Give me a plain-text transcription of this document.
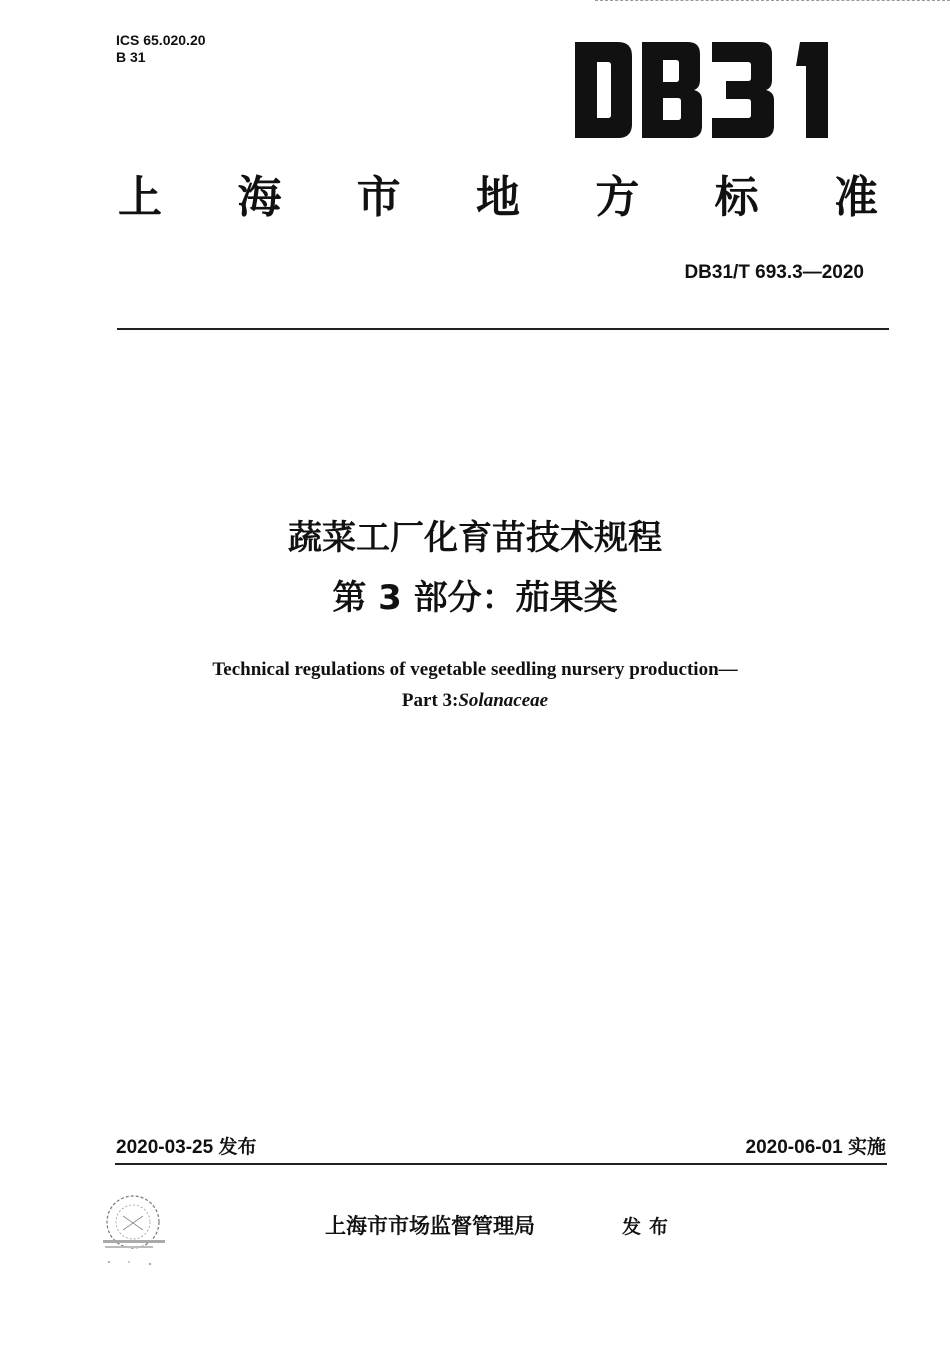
ICS 65.020.20
B 31
上 海 市 地 方 标 准
DB31/T 693.3—2020
蔬菜工厂化育苗技术规程
第 3 部分：茄果类
Technical regulations of vegetable seedling nursery production—
Part 3:Solanaceae
2020-03-25 发布	2020-06-01 实施
上海市市场监督管理局	发布
